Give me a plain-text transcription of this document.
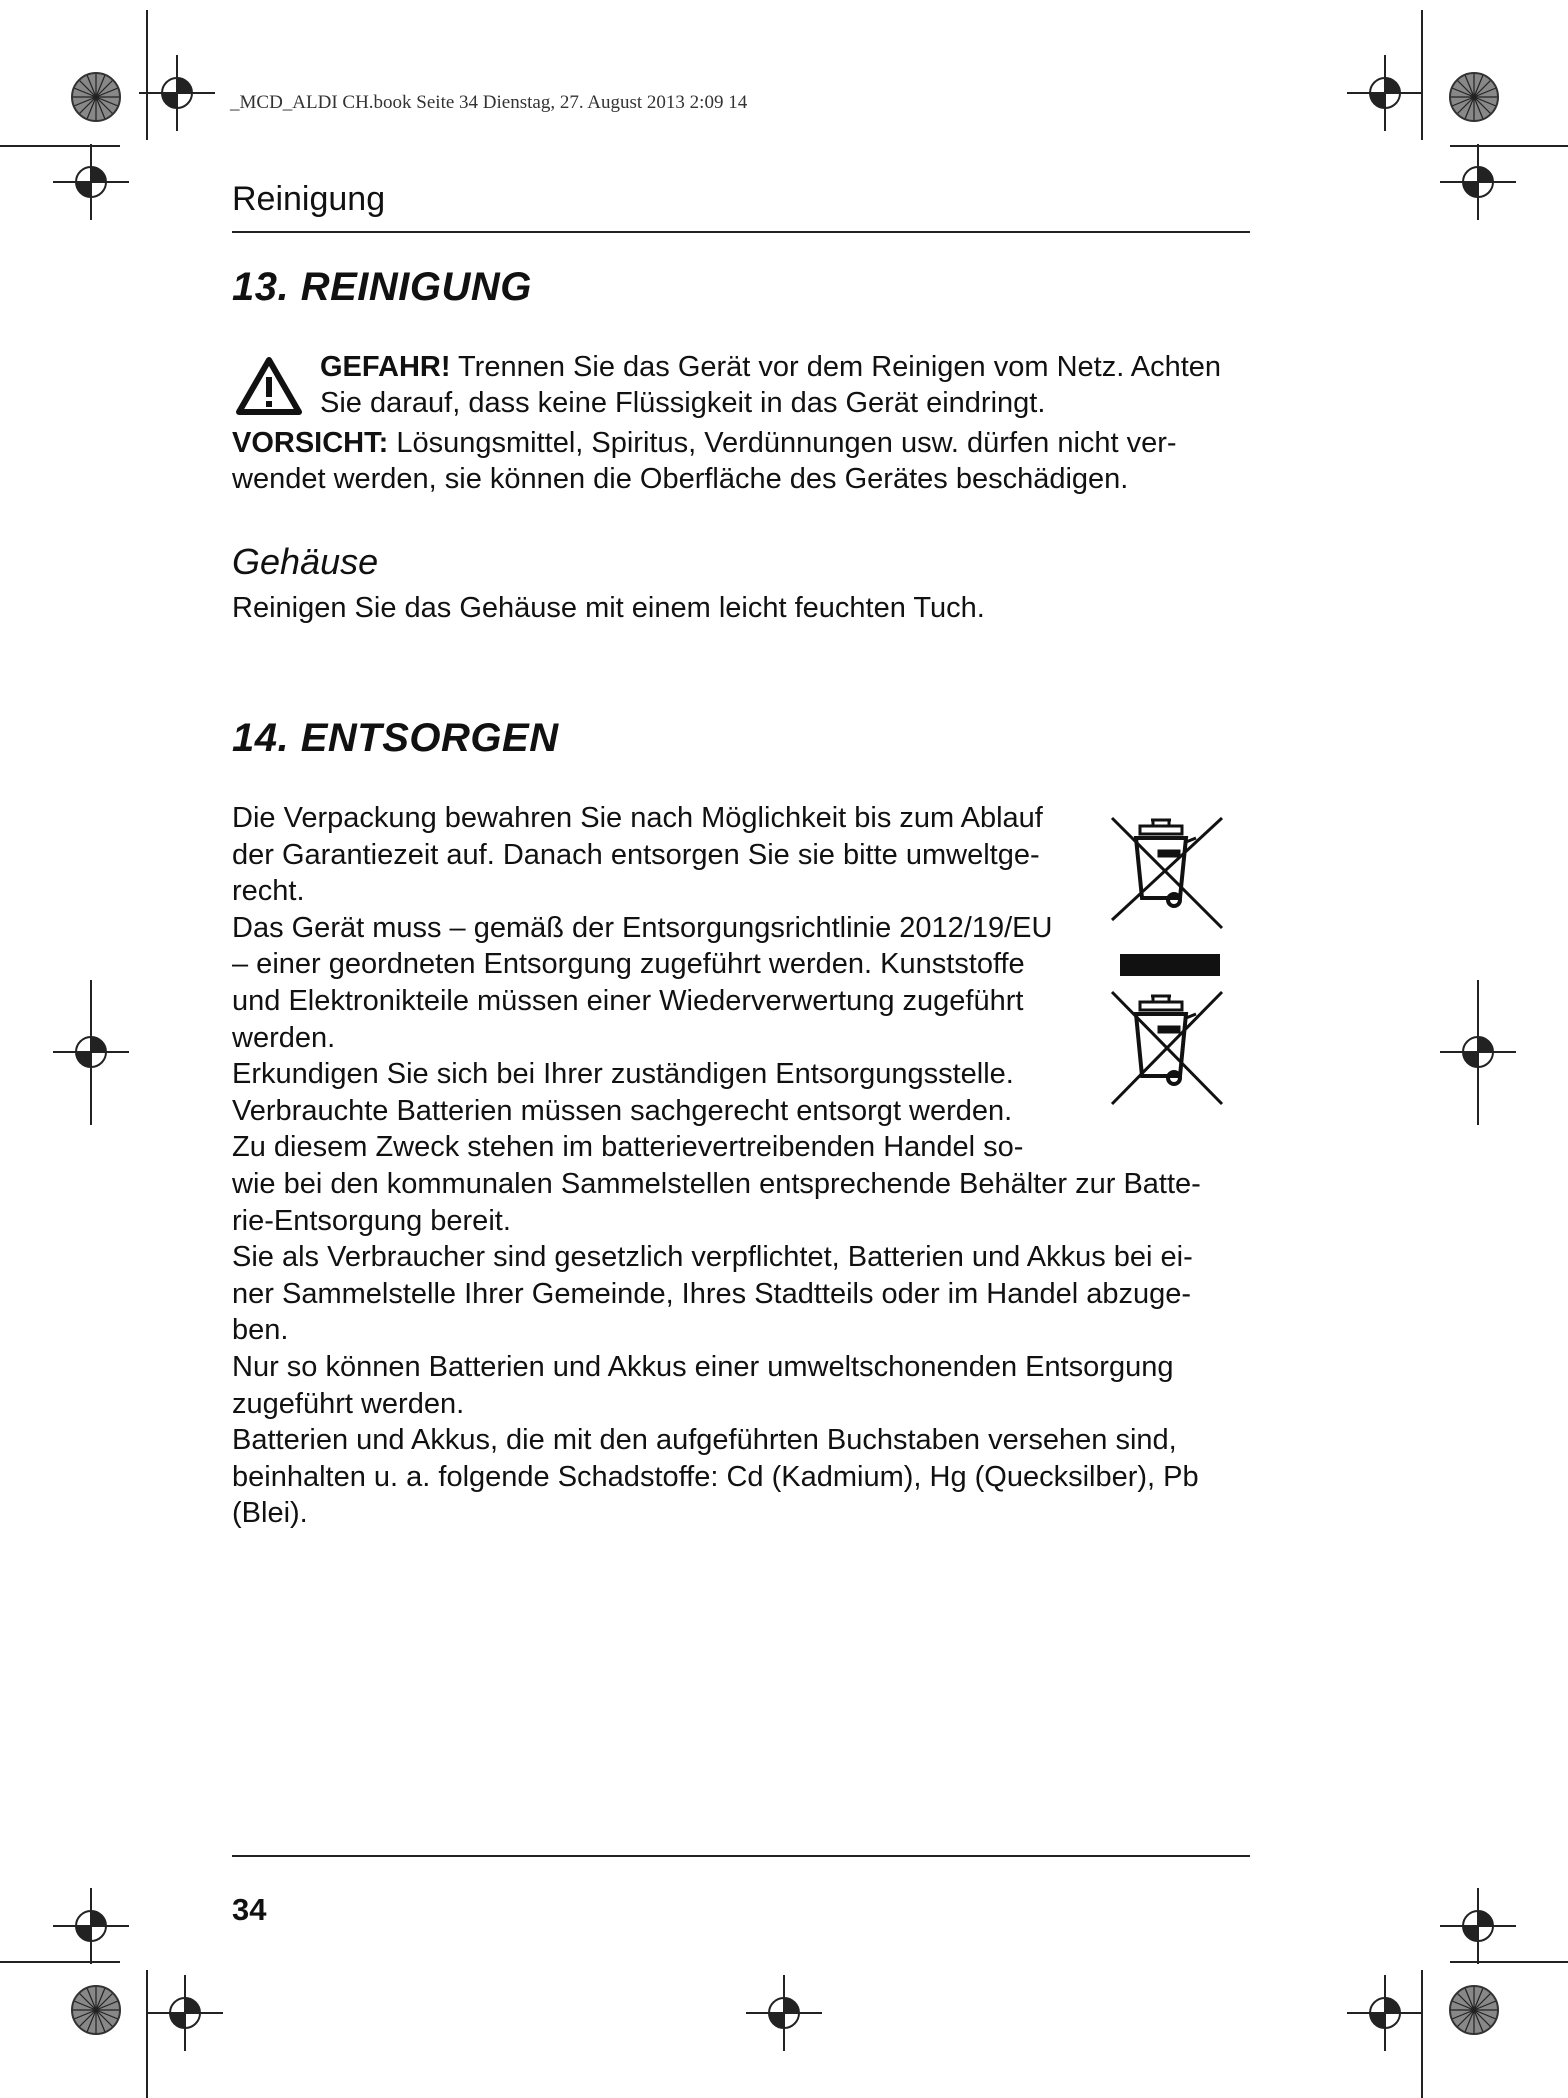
_MCD_ALDI CH.book Seite 34 Dienstag, 27. August 2013 2:09 14
Reinigung
13. REINIGUNG
GEFAHR! Trennen Sie das Gerät vor dem Reinigen vom Netz. Achten
Sie darauf, dass keine Flüssigkeit in das Gerät eindringt.
VORSICHT: Lösungsmittel, Spiritus, Verdünnungen usw. dürfen nicht ver-
wendet werden, sie können die Oberfläche des Gerätes beschädigen.
Gehäuse
Reinigen Sie das Gehäuse mit einem leicht feuchten Tuch.
14. ENTSORGEN
Die Verpackung bewahren Sie nach Möglichkeit bis zum Ablauf
der Garantiezeit auf. Danach entsorgen Sie sie bitte umweltge-
recht.
Das Gerät muss – gemäß der Entsorgungsrichtlinie 2012/19/EU
– einer geordneten Entsorgung zugeführt werden. Kunststoffe
und Elektronikteile müssen einer Wiederverwertung zugeführt
werden.
Erkundigen Sie sich bei Ihrer zuständigen Entsorgungsstelle.
Verbrauchte Batterien müssen sachgerecht entsorgt werden.
Zu diesem Zweck stehen im batterievertreibenden Handel so-
wie bei den kommunalen Sammelstellen entsprechende Behälter zur Batte-
rie-Entsorgung bereit.
Sie als Verbraucher sind gesetzlich verpflichtet, Batterien und Akkus bei ei-
ner Sammelstelle Ihrer Gemeinde, Ihres Stadtteils oder im Handel abzuge-
ben.
Nur so können Batterien und Akkus einer umweltschonenden Entsorgung
zugeführt werden.
Batterien und Akkus, die mit den aufgeführten Buchstaben versehen sind,
beinhalten u. a. folgende Schadstoffe: Cd (Kadmium), Hg (Quecksilber), Pb
(Blei).
34
